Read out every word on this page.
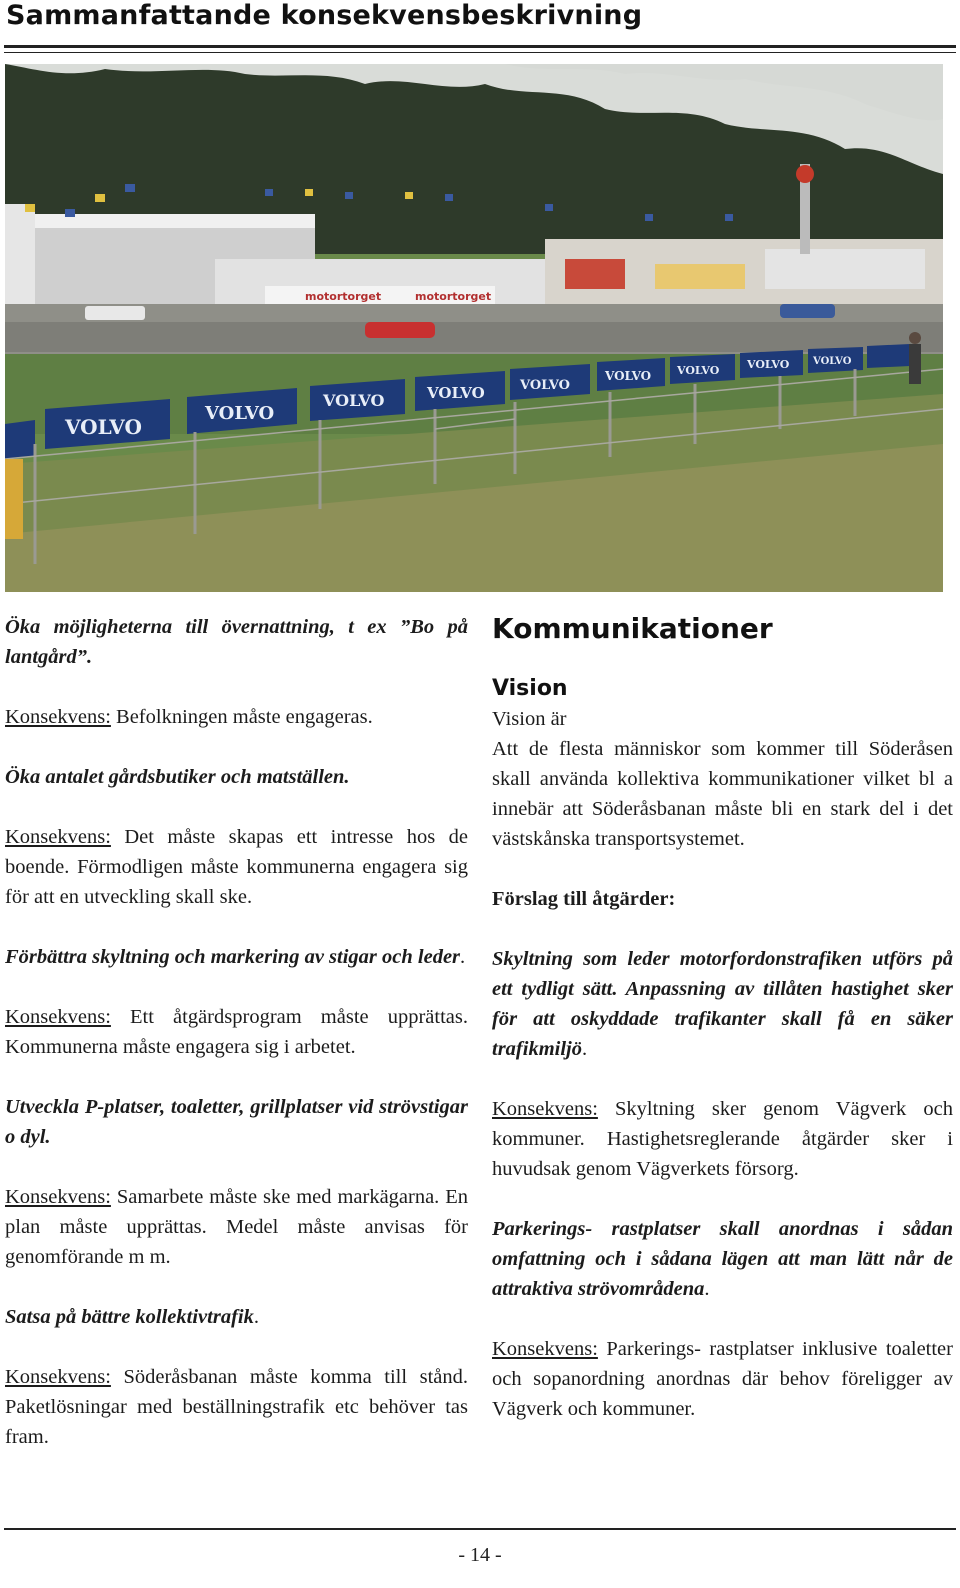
Sammanfattande konsekvensbeskrivning
motortorget	motortorget
VOLVO
VOLVO
VOLVO	VOLVO	VOLVO
VOLVO VOLVO	VOLVO VOLVO

Öka möjligheterna till övernattning, t ex ”Bo på lantgård”.

Konsekvens: Befolkningen måste engageras.

Öka antalet gårdsbutiker och matställen.

Konsekvens: Det måste skapas ett intresse hos de boende. Förmodligen måste kommunerna engagera sig för att en utveckling skall ske.

Förbättra skyltning och markering av stigar och leder.

Konsekvens: Ett åtgärdsprogram måste upprättas. Kommunerna måste engagera sig i arbetet.

Utveckla P-platser, toaletter, grillplatser vid strövstigar o dyl.

Konsekvens: Samarbete måste ske med markägarna. En plan måste upprättas. Medel måste anvisas för genomförande m m.

Satsa på bättre kollektivtrafik.

Konsekvens: Söderåsbanan måste komma till stånd. Paketlösningar med beställningstrafik etc behöver tas fram.

Kommunikationer
Vision
Vision är

Att de flesta människor som kommer till Söderåsen skall använda kollektiva kommunikationer vilket bl a innebär att Söderåsbanan måste bli en stark del i det västskånska transportsystemet.

Förslag till åtgärder:

Skyltning som leder motorfordonstrafiken utförs på ett tydligt sätt. Anpassning av tillåten hastighet sker för att oskyddade trafikanter skall få en säker trafikmiljö.

Konsekvens: Skyltning sker genom Vägverk och kommuner. Hastighetsreglerande åtgärder sker i huvudsak genom Vägverkets försorg.

Parkerings- rastplatser skall anordnas i sådan omfattning och i sådana lägen att man lätt når de attraktiva strövområdena.

Konsekvens: Parkerings- rastplatser inklusive toaletter och sopanordning anordnas där behov föreligger av Vägverk och kommuner.

- 14 -
